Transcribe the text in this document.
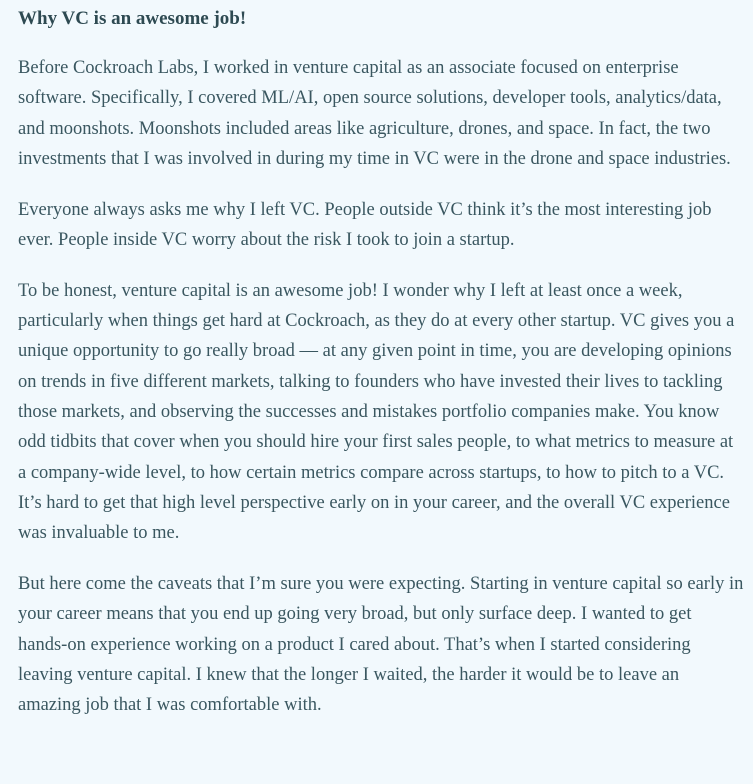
Why VC is an awesome job!

Before Cockroach Labs, I worked in venture capital as an associate focused on enterprise software. Specifically, I covered ML/AI, open source solutions, developer tools, analytics/data, and moonshots. Moonshots included areas like agriculture, drones, and space. In fact, the two investments that I was involved in during my time in VC were in the drone and space industries.

Everyone always asks me why I left VC. People outside VC think it’s the most interesting job ever. People inside VC worry about the risk I took to join a startup.

To be honest, venture capital is an awesome job! I wonder why I left at least once a week, particularly when things get hard at Cockroach, as they do at every other startup. VC gives you a unique opportunity to go really broad — at any given point in time, you are developing opinions on trends in five different markets, talking to founders who have invested their lives to tackling those markets, and observing the successes and mistakes portfolio companies make. You know odd tidbits that cover when you should hire your first sales people, to what metrics to measure at a company-wide level, to how certain metrics compare across startups, to how to pitch to a VC. It’s hard to get that high level perspective early on in your career, and the overall VC experience was invaluable to me.

But here come the caveats that I’m sure you were expecting. Starting in venture capital so early in your career means that you end up going very broad, but only surface deep. I wanted to get hands-on experience working on a product I cared about. That’s when I started considering leaving venture capital. I knew that the longer I waited, the harder it would be to leave an amazing job that I was comfortable with.
